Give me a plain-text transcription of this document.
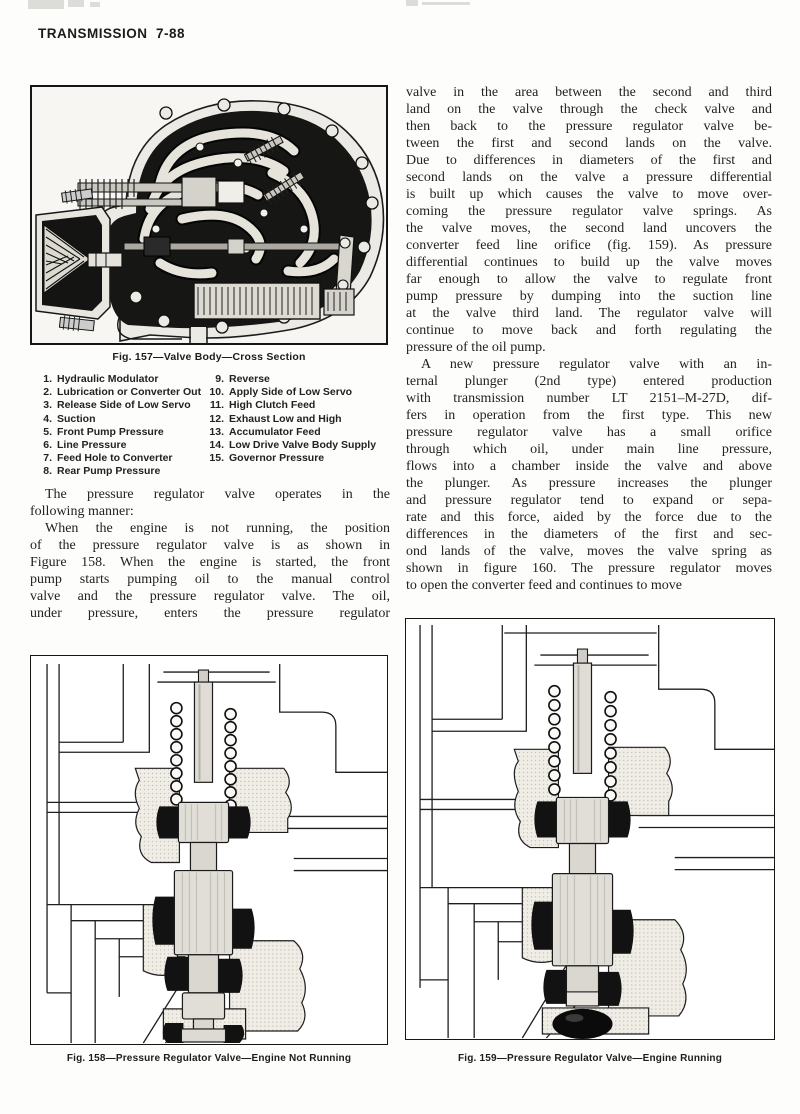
TRANSMISSION  7-88
Fig. 157—Valve Body—Cross Section
1. Hydraulic Modulator
2. Lubrication or Converter Out
3. Release Side of Low Servo
4. Suction
5. Front Pump Pressure
6. Line Pressure
7. Feed Hole to Converter
8. Rear Pump Pressure
9. Reverse
10. Apply Side of Low Servo
11. High Clutch Feed
12. Exhaust Low and High
13. Accumulator Feed
14. Low Drive Valve Body Supply
15. Governor Pressure
The pressure regulator valve operates in the
following manner:
When the engine is not running, the position
of the pressure regulator valve is as shown in
Figure 158. When the engine is started, the front
pump starts pumping oil to the manual control
valve and the pressure regulator valve. The oil,
under pressure, enters the pressure regulator
valve in the area between the second and third
land on the valve through the check valve and
then back to the pressure regulator valve be-
tween the first and second lands on the valve.
Due to differences in diameters of the first and
second lands on the valve a pressure differential
is built up which causes the valve to move over-
coming the pressure regulator valve springs. As
the valve moves, the second land uncovers the
converter feed line orifice (fig. 159). As pressure
differential continues to build up the valve moves
far enough to allow the valve to regulate front
pump pressure by dumping into the suction line
at the valve third land. The regulator valve will
continue to move back and forth regulating the
pressure of the oil pump.
A new pressure regulator valve with an in-
ternal plunger (2nd type) entered production
with transmission number LT 2151–M-27D, dif-
fers in operation from the first type. This new
pressure regulator valve has a small orifice
through which oil, under main line pressure,
flows into a chamber inside the valve and above
the plunger. As pressure increases the plunger
and pressure regulator tend to expand or sepa-
rate and this force, aided by the force due to the
differences in the diameters of the first and sec-
ond lands of the valve, moves the valve spring as
shown in figure 160. The pressure regulator moves
to open the converter feed and continues to move
Fig. 158—Pressure Regulator Valve—Engine Not Running	Fig. 159—Pressure Regulator Valve—Engine Running
